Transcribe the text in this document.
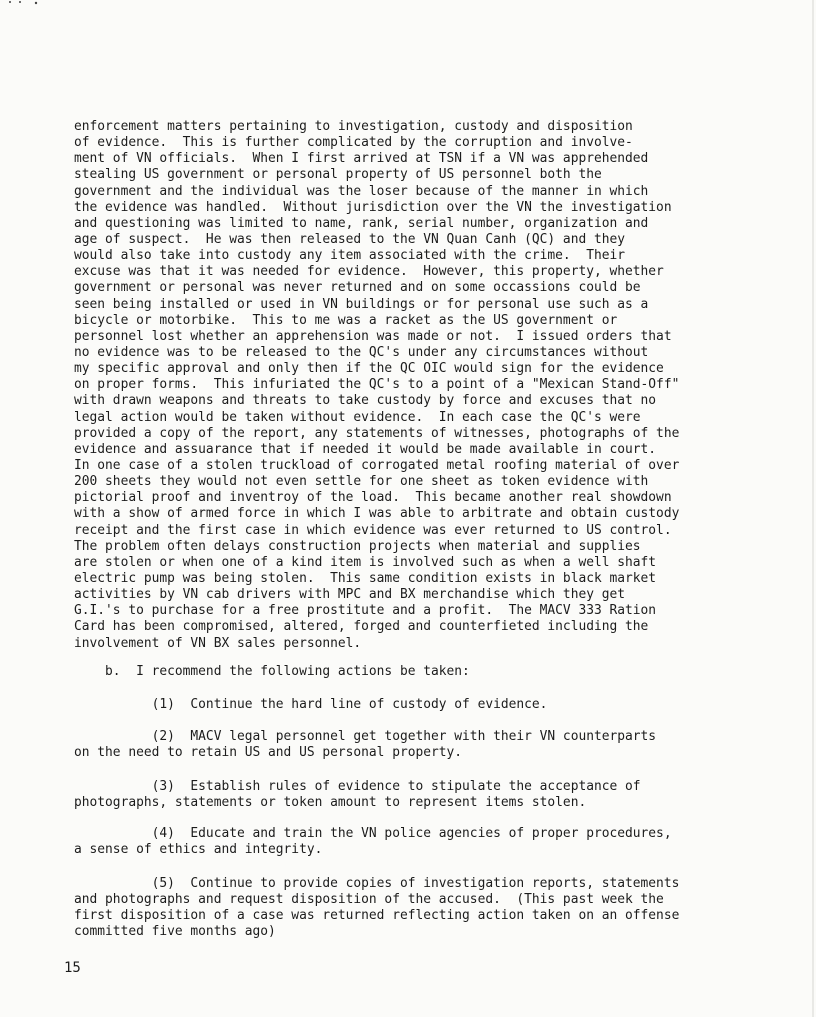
enforcement matters pertaining to investigation, custody and disposition
of evidence.  This is further complicated by the corruption and involve-
ment of VN officials.  When I first arrived at TSN if a VN was apprehended
stealing US government or personal property of US personnel both the
government and the individual was the loser because of the manner in which
the evidence was handled.  Without jurisdiction over the VN the investigation
and questioning was limited to name, rank, serial number, organization and
age of suspect.  He was then released to the VN Quan Canh (QC) and they
would also take into custody any item associated with the crime.  Their
excuse was that it was needed for evidence.  However, this property, whether
government or personal was never returned and on some occassions could be
seen being installed or used in VN buildings or for personal use such as a
bicycle or motorbike.  This to me was a racket as the US government or
personnel lost whether an apprehension was made or not.  I issued orders that
no evidence was to be released to the QC's under any circumstances without
my specific approval and only then if the QC OIC would sign for the evidence
on proper forms.  This infuriated the QC's to a point of a "Mexican Stand-Off"
with drawn weapons and threats to take custody by force and excuses that no
legal action would be taken without evidence.  In each case the QC's were
provided a copy of the report, any statements of witnesses, photographs of the
evidence and assuarance that if needed it would be made available in court.
In one case of a stolen truckload of corrogated metal roofing material of over
200 sheets they would not even settle for one sheet as token evidence with
pictorial proof and inventroy of the load.  This became another real showdown
with a show of armed force in which I was able to arbitrate and obtain custody
receipt and the first case in which evidence was ever returned to US control.
The problem often delays construction projects when material and supplies
are stolen or when one of a kind item is involved such as when a well shaft
electric pump was being stolen.  This same condition exists in black market
activities by VN cab drivers with MPC and BX merchandise which they get
G.I.'s to purchase for a free prostitute and a profit.  The MACV 333 Ration
Card has been compromised, altered, forged and counterfieted including the
involvement of VN BX sales personnel.
b.  I recommend the following actions be taken:
(1)  Continue the hard line of custody of evidence.
(2)  MACV legal personnel get together with their VN counterparts
on the need to retain US and US personal property.
(3)  Establish rules of evidence to stipulate the acceptance of
photographs, statements or token amount to represent items stolen.
(4)  Educate and train the VN police agencies of proper procedures,
a sense of ethics and integrity.
(5)  Continue to provide copies of investigation reports, statements
and photographs and request disposition of the accused.  (This past week the
first disposition of a case was returned reflecting action taken on an offense
committed five months ago)
15
